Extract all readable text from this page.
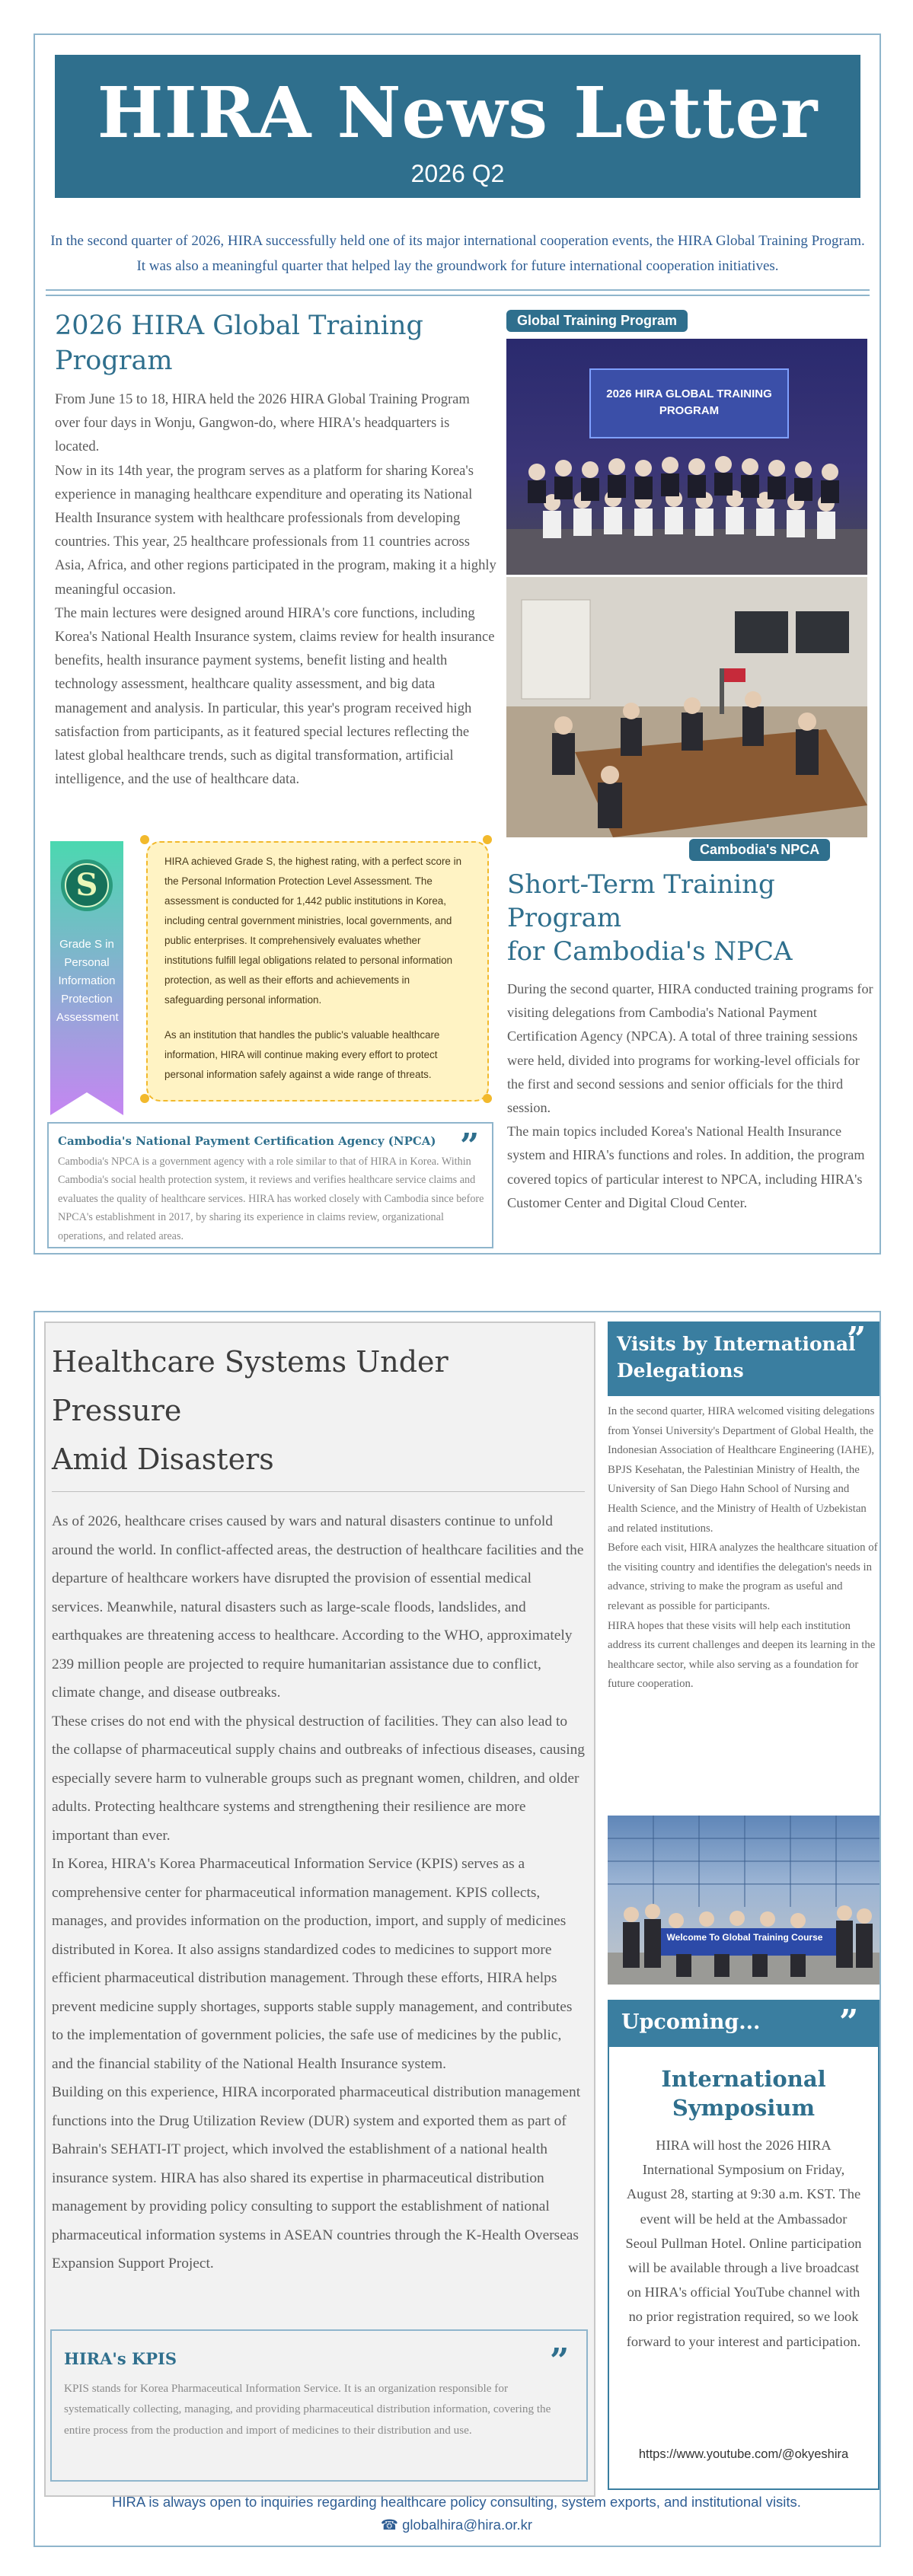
HIRA News Letter
2026 Q2
In the second quarter of 2026, HIRA successfully held one of its major international cooperation events, the HIRA Global Training Program. It was also a meaningful quarter that helped lay the groundwork for future international cooperation initiatives.
2026 HIRA Global Training Program
From June 15 to 18, HIRA held the 2026 HIRA Global Training Program over four days in Wonju, Gangwon-do, where HIRA's headquarters is located.
Now in its 14th year, the program serves as a platform for sharing Korea's experience in managing healthcare expenditure and operating its National Health Insurance system with healthcare professionals from developing countries. This year, 25 healthcare professionals from 11 countries across Asia, Africa, and other regions participated in the program, making it a highly meaningful occasion.
The main lectures were designed around HIRA's core functions, including Korea's National Health Insurance system, claims review for health insurance benefits, health insurance payment systems, benefit listing and health technology assessment, healthcare quality assessment, and big data management and analysis. In particular, this year's program received high satisfaction from participants, as it featured special lectures reflecting the latest global healthcare trends, such as digital transformation, artificial intelligence, and the use of healthcare data.
Global Training Program
2026 HIRA GLOBAL TRAINING PROGRAM
Cambodia's NPCA
S
Grade S in Personal Information Protection Assessment
HIRA achieved Grade S, the highest rating, with a perfect score in the Personal Information Protection Level Assessment. The assessment is conducted for 1,442 public institutions in Korea, including central government ministries, local governments, and public enterprises. It comprehensively evaluates whether institutions fulfill legal obligations related to personal information protection, as well as their efforts and achievements in safeguarding personal information.
As an institution that handles the public's valuable healthcare information, HIRA will continue making every effort to protect personal information safely against a wide range of threats.
Cambodia's National Payment Certification Agency (NPCA) ”
Cambodia's NPCA is a government agency with a role similar to that of HIRA in Korea. Within Cambodia's social health protection system, it reviews and verifies healthcare service claims and evaluates the quality of healthcare services. HIRA has worked closely with Cambodia since before NPCA's establishment in 2017, by sharing its experience in claims review, organizational operations, and related areas.
Short-Term Training Program
for Cambodia's NPCA
During the second quarter, HIRA conducted training programs for visiting delegations from Cambodia's National Payment Certification Agency (NPCA). A total of three training sessions were held, divided into programs for working-level officials for the first and second sessions and senior officials for the third session.
The main topics included Korea's National Health Insurance system and HIRA's functions and roles. In addition, the program covered topics of particular interest to NPCA, including HIRA's Customer Center and Digital Cloud Center.
Healthcare Systems Under Pressure
Amid Disasters
As of 2026, healthcare crises caused by wars and natural disasters continue to unfold around the world. In conflict-affected areas, the destruction of healthcare facilities and the departure of healthcare workers have disrupted the provision of essential medical services. Meanwhile, natural disasters such as large-scale floods, landslides, and earthquakes are threatening access to healthcare. According to the WHO, approximately 239 million people are projected to require humanitarian assistance due to conflict, climate change, and disease outbreaks.
These crises do not end with the physical destruction of facilities. They can also lead to the collapse of pharmaceutical supply chains and outbreaks of infectious diseases, causing especially severe harm to vulnerable groups such as pregnant women, children, and older adults. Protecting healthcare systems and strengthening their resilience are more important than ever.
In Korea, HIRA's Korea Pharmaceutical Information Service (KPIS) serves as a comprehensive center for pharmaceutical information management. KPIS collects, manages, and provides information on the production, import, and supply of medicines distributed in Korea. It also assigns standardized codes to medicines to support more efficient pharmaceutical distribution management. Through these efforts, HIRA helps prevent medicine supply shortages, supports stable supply management, and contributes to the implementation of government policies, the safe use of medicines by the public, and the financial stability of the National Health Insurance system.
Building on this experience, HIRA incorporated pharmaceutical distribution management functions into the Drug Utilization Review (DUR) system and exported them as part of Bahrain's SEHATI-IT project, which involved the establishment of a national health insurance system. HIRA has also shared its expertise in pharmaceutical distribution management by providing policy consulting to support the establishment of national pharmaceutical information systems in ASEAN countries through the K-Health Overseas Expansion Support Project.
HIRA's KPIS	”
KPIS stands for Korea Pharmaceutical Information Service. It is an organization responsible for systematically collecting, managing, and providing pharmaceutical distribution information, covering the entire process from the production and import of medicines to their distribution and use.
Visits by International
Delegations
”
In the second quarter, HIRA welcomed visiting delegations from Yonsei University's Department of Global Health, the Indonesian Association of Healthcare Engineering (IAHE), BPJS Kesehatan, the Palestinian Ministry of Health, the University of San Diego Hahn School of Nursing and Health Science, and the Ministry of Health of Uzbekistan and related institutions.
Before each visit, HIRA analyzes the healthcare situation of the visiting country and identifies the delegation's needs in advance, striving to make the program as useful and relevant as possible for participants.
HIRA hopes that these visits will help each institution address its current challenges and deepen its learning in the healthcare sector, while also serving as a foundation for future cooperation.
Welcome To Global Training Course
Upcoming... ”
International
Symposium
HIRA will host the 2026 HIRA International Symposium on Friday, August 28, starting at 9:30 a.m. KST. The event will be held at the Ambassador Seoul Pullman Hotel. Online participation will be available through a live broadcast on HIRA's official YouTube channel with no prior registration required, so we look forward to your interest and participation.
https://www.youtube.com/@okyeshira
HIRA is always open to inquiries regarding healthcare policy consulting, system exports, and institutional visits.
☎ globalhira@hira.or.kr
